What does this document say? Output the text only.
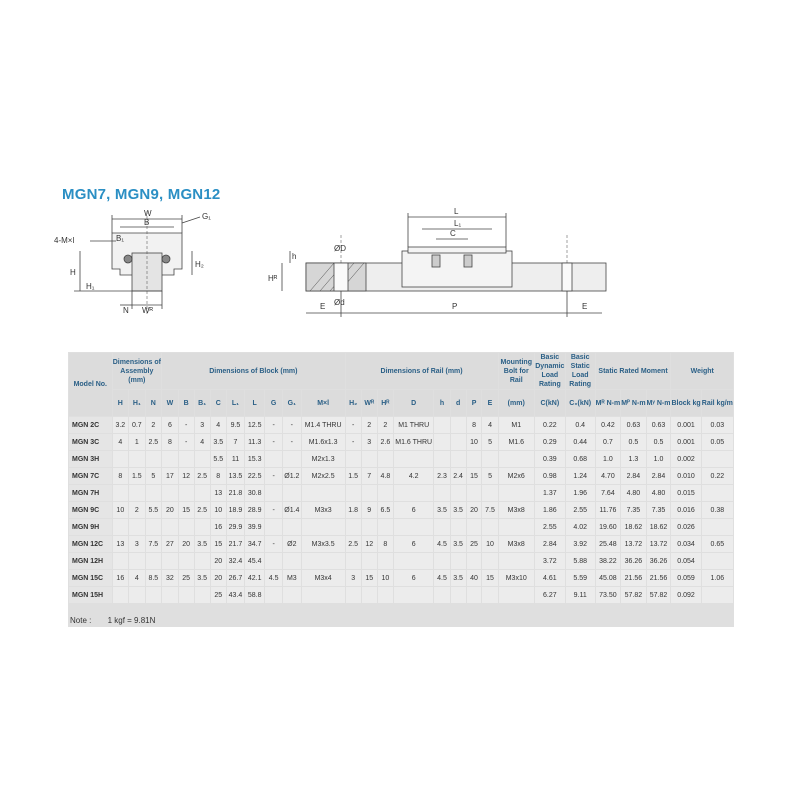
MGN7, MGN9, MGN12
W
B
B₁
G₁
4-M×l
H
H₁
H₂
N Wᴿ
L
L₁
C
ØD
Ød
h
Hᴿ
E	P	E
Model No.	Dimensions of Assembly (mm)			Dimensions of Block (mm)									Dimensions of Rail (mm)								Mounting Bolt for Rail	Basic Dynamic Load Rating	Basic Static Load Rating	Static Rated Moment			Weight	
	H	H₁	N	W	B	B₁	C	L₁	L	G	G₁	M×l	H₂	Wᴿ	Hᴿ	D	h	d	P	E	(mm)	C(kN)	C₀(kN)	Mᴿ N-m	Mᴾ N-m	Mʸ N-m	Block kg	Rail kg/m
MGN 2C	3.2	0.7	2	6	-	3	4	9.5	12.5	-	-	M1.4 THRU	-	2	2	M1 THRU			8	4	M1	0.22	0.4	0.42	0.63	0.63	0.001	0.03
MGN 3C	4	1	2.5	8	-	4	3.5	7	11.3	-	-	M1.6x1.3	-	3	2.6	M1.6 THRU			10	5	M1.6	0.29	0.44	0.7	0.5	0.5	0.001	0.05
MGN 3H							5.5	11	15.3			M2x1.3										0.39	0.68	1.0	1.3	1.0	0.002	
MGN 7C	8	1.5	5	17	12	2.5	8	13.5	22.5	-	Ø1.2	M2x2.5	1.5	7	4.8	4.2	2.3	2.4	15	5	M2x6	0.98	1.24	4.70	2.84	2.84	0.010	0.22
MGN 7H							13	21.8	30.8													1.37	1.96	7.64	4.80	4.80	0.015	
MGN 9C	10	2	5.5	20	15	2.5	10	18.9	28.9	-	Ø1.4	M3x3	1.8	9	6.5	6	3.5	3.5	20	7.5	M3x8	1.86	2.55	11.76	7.35	7.35	0.016	0.38
MGN 9H							16	29.9	39.9													2.55	4.02	19.60	18.62	18.62	0.026	
MGN 12C	13	3	7.5	27	20	3.5	15	21.7	34.7	-	Ø2	M3x3.5	2.5	12	8	6	4.5	3.5	25	10	M3x8	2.84	3.92	25.48	13.72	13.72	0.034	0.65
MGN 12H							20	32.4	45.4													3.72	5.88	38.22	36.26	36.26	0.054	
MGN 15C	16	4	8.5	32	25	3.5	20	26.7	42.1	4.5	M3	M3x4	3	15	10	6	4.5	3.5	40	15	M3x10	4.61	5.59	45.08	21.56	21.56	0.059	1.06
MGN 15H							25	43.4	58.8													6.27	9.11	73.50	57.82	57.82	0.092	
Note : 1 kgf = 9.81N
